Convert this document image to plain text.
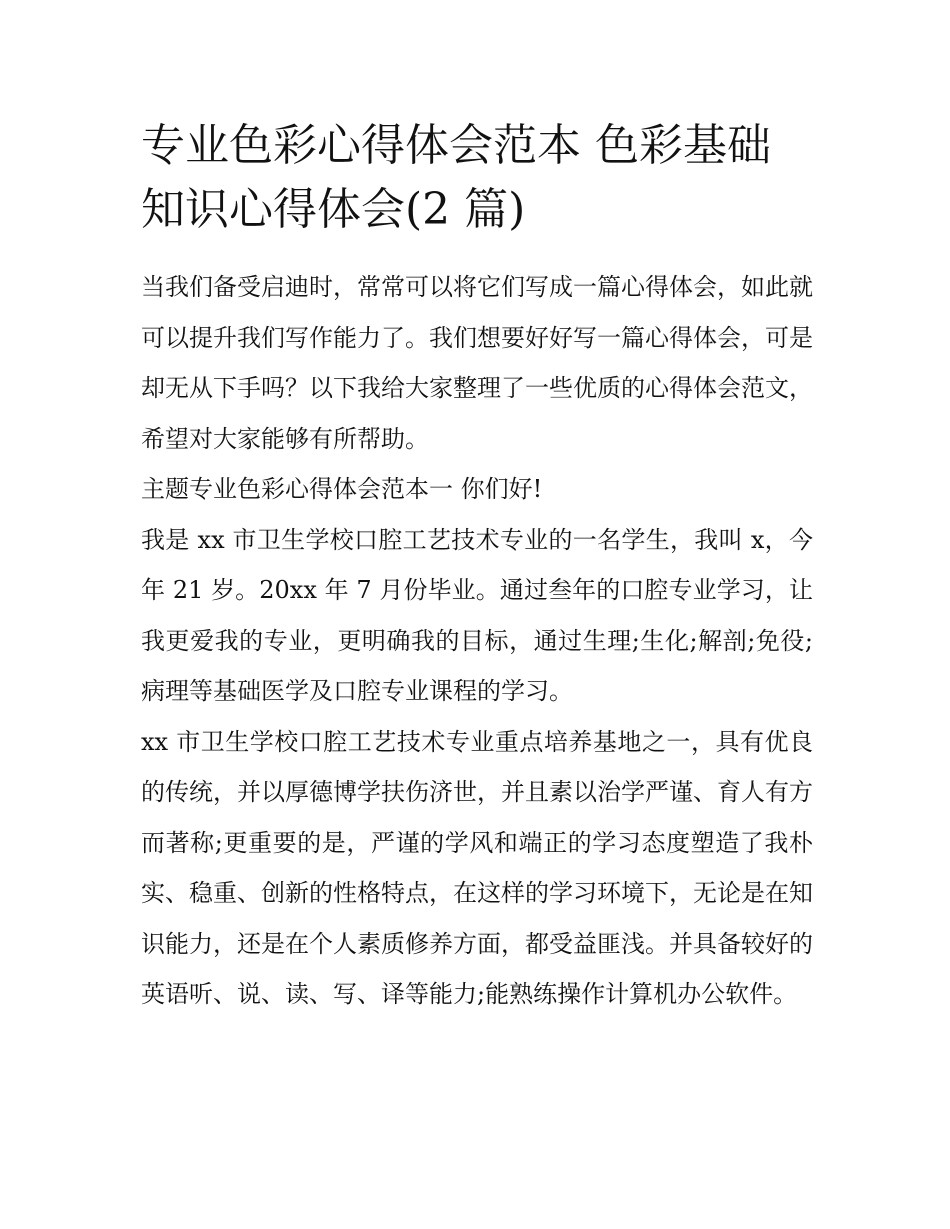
专业色彩心得体会范本 色彩基础知识心得体会(2 篇)

当我们备受启迪时，常常可以将它们写成一篇心得体会，如此就可以提升我们写作能力了。我们想要好好写一篇心得体会，可是却无从下手吗？以下我给大家整理了一些优质的心得体会范文，希望对大家能够有所帮助。

主题专业色彩心得体会范本一 你们好!

我是 xx 市卫生学校口腔工艺技术专业的一名学生，我叫 x，今年 21 岁。20xx 年 7 月份毕业。通过叁年的口腔专业学习，让我更爱我的专业，更明确我的目标，通过生理;生化;解剖;免役;病理等基础医学及口腔专业课程的学习。

xx 市卫生学校口腔工艺技术专业重点培养基地之一，具有优良的传统，并以厚德博学扶伤济世，并且素以治学严谨、育人有方而著称;更重要的是，严谨的学风和端正的学习态度塑造了我朴实、稳重、创新的性格特点，在这样的学习环境下，无论是在知识能力，还是在个人素质修养方面，都受益匪浅。并具备较好的英语听、说、读、写、译等能力;能熟练操作计算机办公软件。
